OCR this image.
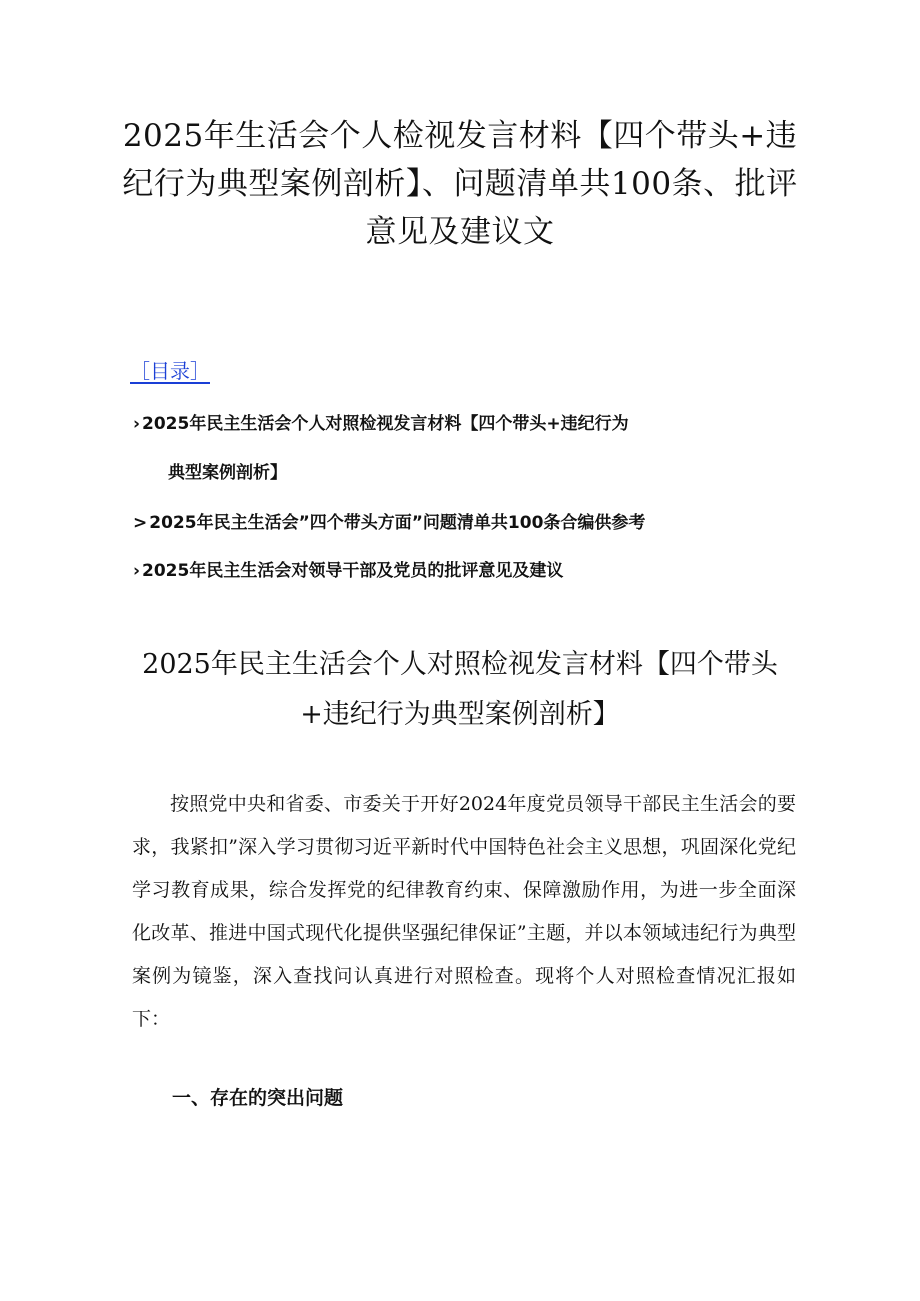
2025年生活会个人检视发言材料【四个带头+违纪行为典型案例剖析】、问题清单共100条、批评意见及建议文
［目录］
› 2025年民主生活会个人对照检视发言材料【四个带头+违纪行为
典型案例剖析】
> 2025年民主生活会”四个带头方面”问题清单共100条合编供参考
› 2025年民主生活会对领导干部及党员的批评意见及建议
2025年民主生活会个人对照检视发言材料【四个带头+违纪行为典型案例剖析】

按照党中央和省委、市委关于开好2024年度党员领导干部民主生活会的要求，我紧扣”深入学习贯彻习近平新时代中国特色社会主义思想，巩固深化党纪学习教育成果，综合发挥党的纪律教育约束、保障激励作用，为进一步全面深化改革、推进中国式现代化提供坚强纪律保证”主题，并以本领域违纪行为典型案例为镜鉴，深入查找问认真进行对照检查。现将个人对照检查情况汇报如下：

一、存在的突出问题
